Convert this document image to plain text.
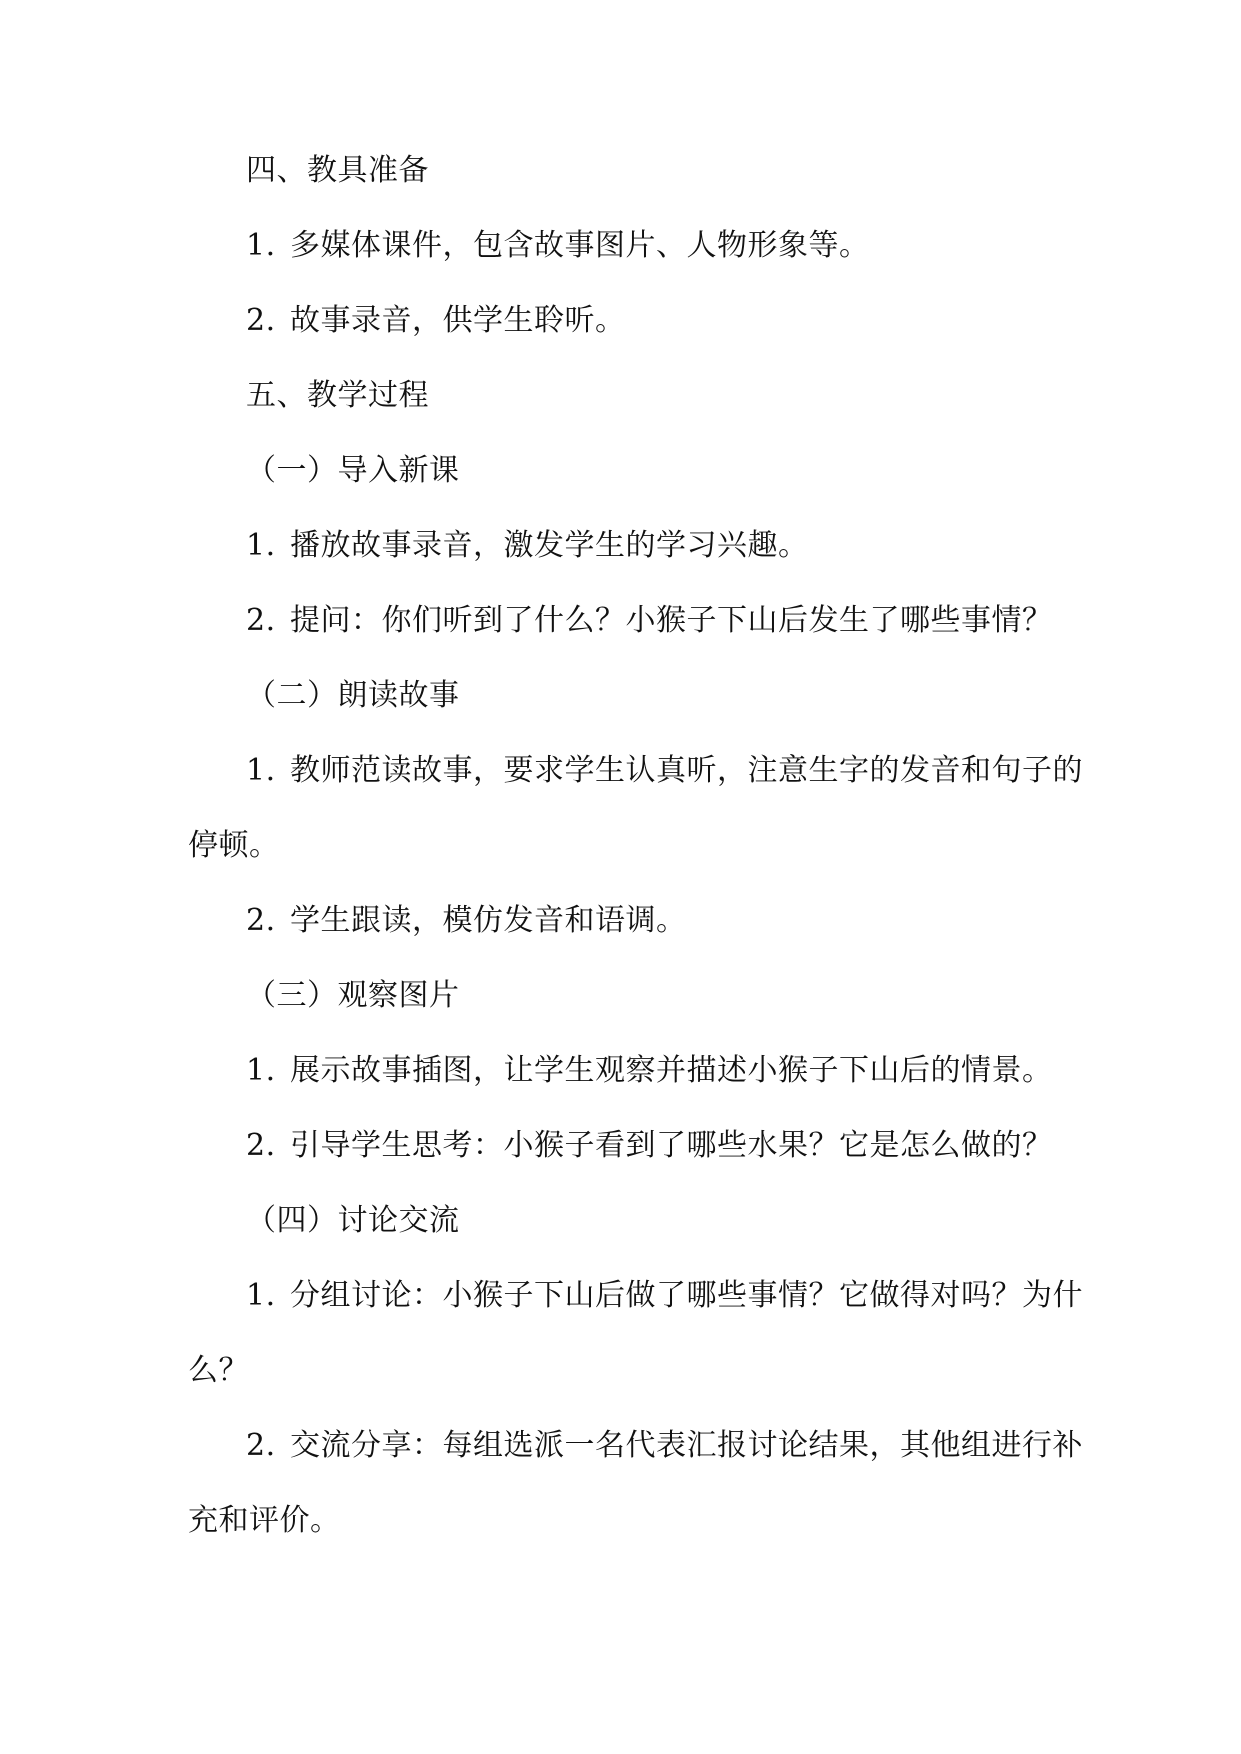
四、教具准备
1. 多媒体课件，包含故事图片、人物形象等。
2. 故事录音，供学生聆听。
五、教学过程
（一）导入新课
1. 播放故事录音，激发学生的学习兴趣。
2. 提问：你们听到了什么？小猴子下山后发生了哪些事情？
（二）朗读故事
1. 教师范读故事，要求学生认真听，注意生字的发音和句子的
停顿。
2. 学生跟读，模仿发音和语调。
（三）观察图片
1. 展示故事插图，让学生观察并描述小猴子下山后的情景。
2. 引导学生思考：小猴子看到了哪些水果？它是怎么做的？
（四）讨论交流
1. 分组讨论：小猴子下山后做了哪些事情？它做得对吗？为什
么？
2. 交流分享：每组选派一名代表汇报讨论结果，其他组进行补
充和评价。
